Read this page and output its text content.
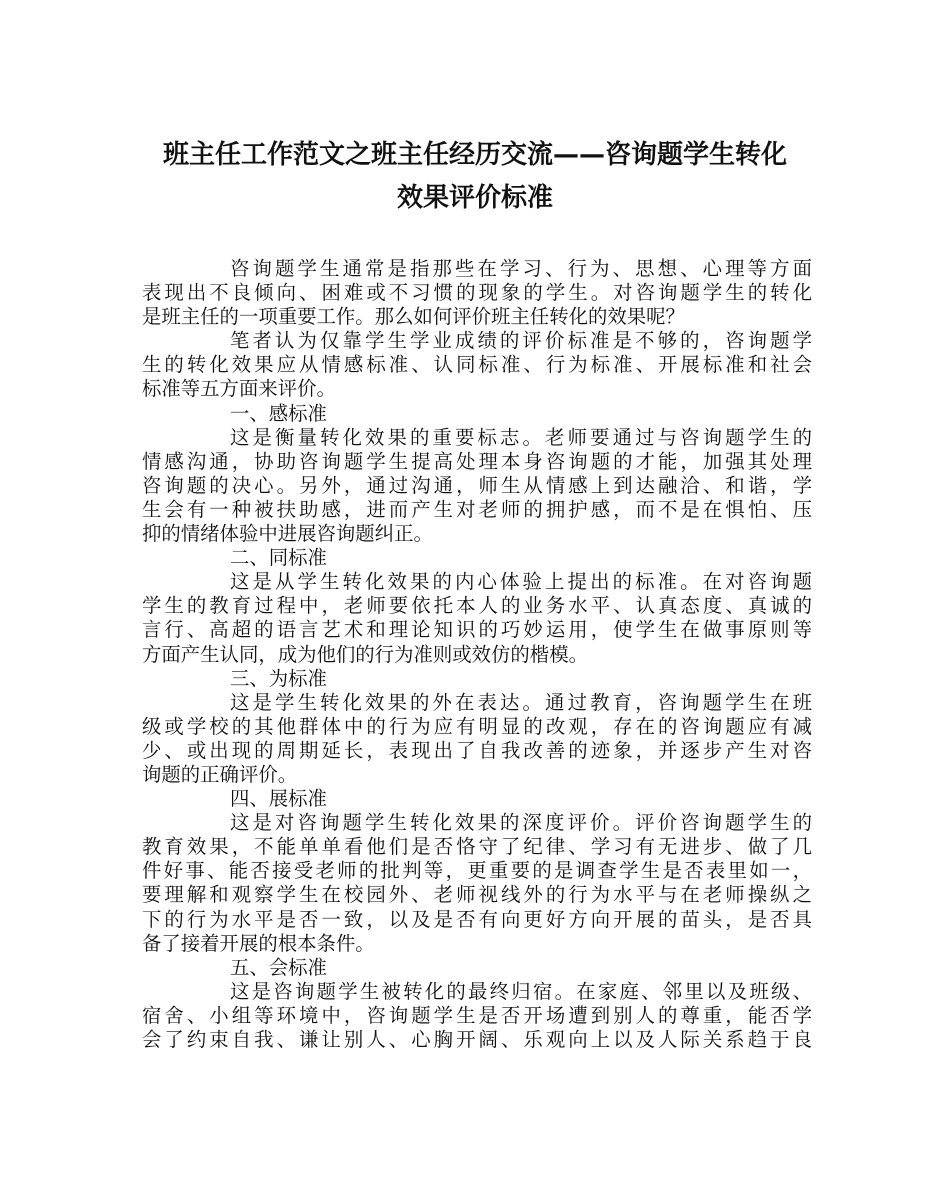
班主任工作范文之班主任经历交流——咨询题学生转化
效果评价标准
咨询题学生通常是指那些在学习、行为、思想、心理等方面
表现出不良倾向、困难或不习惯的现象的学生。对咨询题学生的转化
是班主任的一项重要工作。那么如何评价班主任转化的效果呢？
笔者认为仅靠学生学业成绩的评价标准是不够的，咨询题学
生的转化效果应从情感标准、认同标准、行为标准、开展标准和社会
标准等五方面来评价。
一、感标准
这是衡量转化效果的重要标志。老师要通过与咨询题学生的
情感沟通，协助咨询题学生提高处理本身咨询题的才能，加强其处理
咨询题的决心。另外，通过沟通，师生从情感上到达融洽、和谐，学
生会有一种被扶助感，进而产生对老师的拥护感，而不是在惧怕、压
抑的情绪体验中进展咨询题纠正。
二、同标准
这是从学生转化效果的内心体验上提出的标准。在对咨询题
学生的教育过程中，老师要依托本人的业务水平、认真态度、真诚的
言行、高超的语言艺术和理论知识的巧妙运用，使学生在做事原则等
方面产生认同，成为他们的行为准则或效仿的楷模。
三、为标准
这是学生转化效果的外在表达。通过教育，咨询题学生在班
级或学校的其他群体中的行为应有明显的改观，存在的咨询题应有减
少、或出现的周期延长，表现出了自我改善的迹象，并逐步产生对咨
询题的正确评价。
四、展标准
这是对咨询题学生转化效果的深度评价。评价咨询题学生的
教育效果，不能单单看他们是否恪守了纪律、学习有无进步、做了几
件好事、能否接受老师的批判等，更重要的是调查学生是否表里如一，
要理解和观察学生在校园外、老师视线外的行为水平与在老师操纵之
下的行为水平是否一致，以及是否有向更好方向开展的苗头，是否具
备了接着开展的根本条件。
五、会标准
这是咨询题学生被转化的最终归宿。在家庭、邻里以及班级、
宿舍、小组等环境中，咨询题学生是否开场遭到别人的尊重，能否学
会了约束自我、谦让别人、心胸开阔、乐观向上以及人际关系趋于良
